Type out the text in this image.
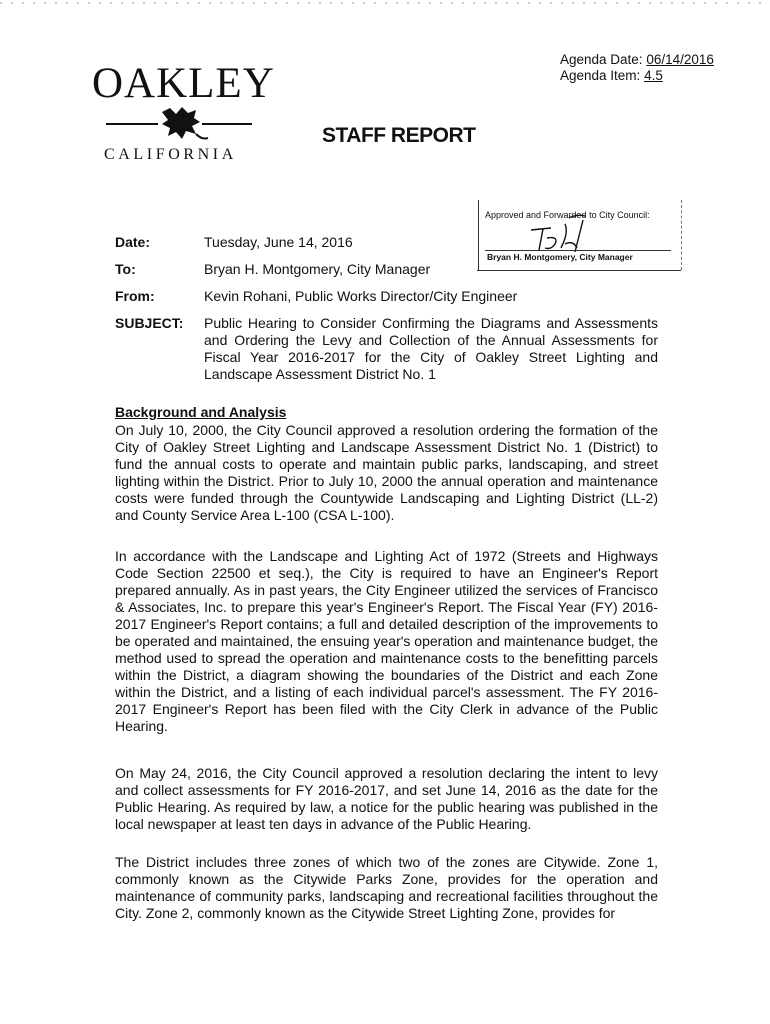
Agenda Date: 06/14/2016
Agenda Item: 4.5
OAKLEY
CALIFORNIA
STAFF REPORT
Approved and Forwarded to City Council:
Bryan H. Montgomery, City Manager
Date:	Tuesday, June 14, 2016
To:	Bryan H. Montgomery, City Manager
From:	Kevin Rohani, Public Works Director/City Engineer
SUBJECT: Public Hearing to Consider Confirming the Diagrams and Assessments and Ordering the Levy and Collection of the Annual Assessments for Fiscal Year 2016-2017 for the City of Oakley Street Lighting and Landscape Assessment District No. 1
Background and Analysis

On July 10, 2000, the City Council approved a resolution ordering the formation of the City of Oakley Street Lighting and Landscape Assessment District No. 1 (District) to fund the annual costs to operate and maintain public parks, landscaping, and street lighting within the District. Prior to July 10, 2000 the annual operation and maintenance costs were funded through the Countywide Landscaping and Lighting District (LL-2) and County Service Area L-100 (CSA L-100).

In accordance with the Landscape and Lighting Act of 1972 (Streets and Highways Code Section 22500 et seq.), the City is required to have an Engineer's Report prepared annually. As in past years, the City Engineer utilized the services of Francisco & Associates, Inc. to prepare this year's Engineer's Report. The Fiscal Year (FY) 2016-2017 Engineer's Report contains; a full and detailed description of the improvements to be operated and maintained, the ensuing year's operation and maintenance budget, the method used to spread the operation and maintenance costs to the benefitting parcels within the District, a diagram showing the boundaries of the District and each Zone within the District, and a listing of each individual parcel's assessment. The FY 2016-2017 Engineer's Report has been filed with the City Clerk in advance of the Public Hearing.

On May 24, 2016, the City Council approved a resolution declaring the intent to levy and collect assessments for FY 2016-2017, and set June 14, 2016 as the date for the Public Hearing. As required by law, a notice for the public hearing was published in the local newspaper at least ten days in advance of the Public Hearing.

The District includes three zones of which two of the zones are Citywide. Zone 1, commonly known as the Citywide Parks Zone, provides for the operation and maintenance of community parks, landscaping and recreational facilities throughout the City. Zone 2, commonly known as the Citywide Street Lighting Zone, provides for
